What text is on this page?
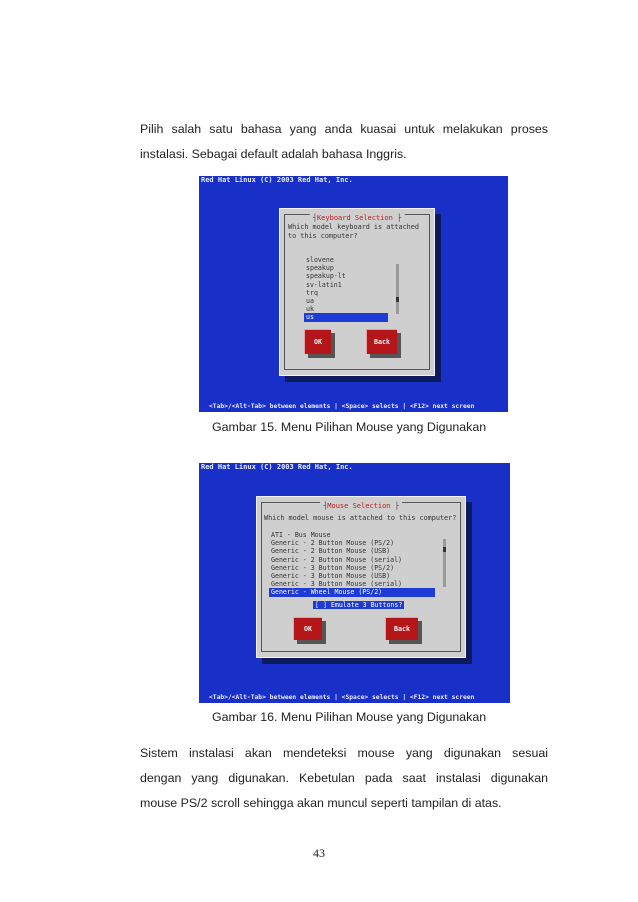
Pilih salah satu bahasa yang anda kuasai untuk melakukan proses
instalasi. Sebagai default adalah bahasa Inggris.

Red Hat Linux (C) 2003 Red Hat, Inc.
┤ Keyboard Selection ├
Which model keyboard is attached
to this computer?
slovene
speakup
speakup-lt
sv-latin1
trq
ua
uk
us
OK	Back
<Tab>/<Alt-Tab> between elements | <Space> selects | <F12> next screen
Gambar 15. Menu Pilihan Mouse yang Digunakan
Red Hat Linux (C) 2003 Red Hat, Inc.
┤ Mouse Selection ├
Which model mouse is attached to this computer?
ATI - Bus Mouse
Generic - 2 Button Mouse (PS/2)
Generic - 2 Button Mouse (USB)
Generic - 2 Button Mouse (serial)
Generic - 3 Button Mouse (PS/2)
Generic - 3 Button Mouse (USB)
Generic - 3 Button Mouse (serial)
Generic - Wheel Mouse (PS/2)
[ ] Emulate 3 Buttons?
OK	Back
<Tab>/<Alt-Tab> between elements | <Space> selects | <F12> next screen
Gambar 16. Menu Pilihan Mouse yang Digunakan

Sistem instalasi akan mendeteksi mouse yang digunakan sesuai
dengan yang digunakan. Kebetulan pada saat instalasi digunakan
mouse PS/2 scroll sehingga akan muncul seperti tampilan di atas.

43
